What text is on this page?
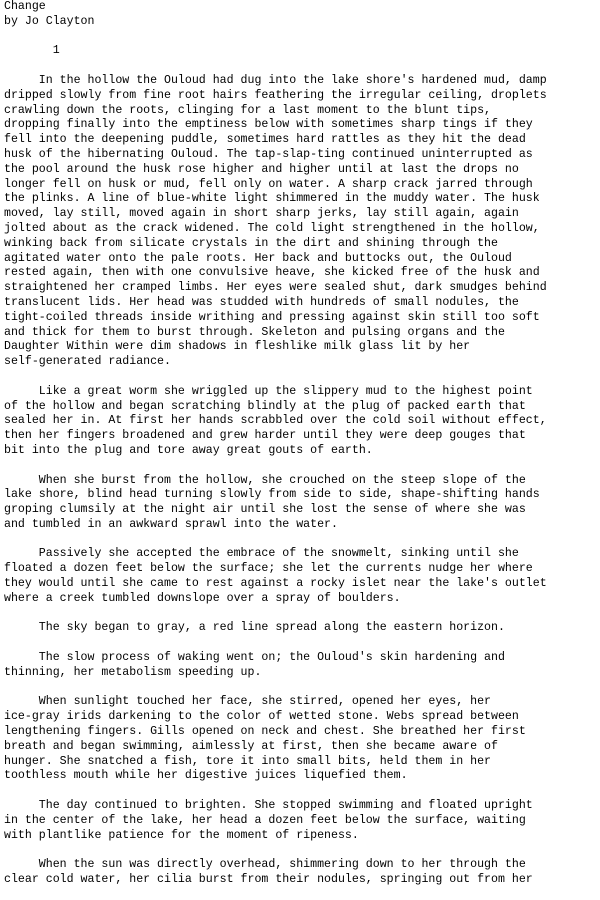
Change
by Jo Clayton
1
In the hollow the Ouloud had dug into the lake shore's hardened mud, damp
dripped slowly from fine root hairs feathering the irregular ceiling, droplets
crawling down the roots, clinging for a last moment to the blunt tips,
dropping finally into the emptiness below with sometimes sharp tings if they
fell into the deepening puddle, sometimes hard rattles as they hit the dead
husk of the hibernating Ouloud. The tap-slap-ting continued uninterrupted as
the pool around the husk rose higher and higher until at last the drops no
longer fell on husk or mud, fell only on water. A sharp crack jarred through
the plinks. A line of blue-white light shimmered in the muddy water. The husk
moved, lay still, moved again in short sharp jerks, lay still again, again
jolted about as the crack widened. The cold light strengthened in the hollow,
winking back from silicate crystals in the dirt and shining through the
agitated water onto the pale roots. Her back and buttocks out, the Ouloud
rested again, then with one convulsive heave, she kicked free of the husk and
straightened her cramped limbs. Her eyes were sealed shut, dark smudges behind
translucent lids. Her head was studded with hundreds of small nodules, the
tight-coiled threads inside writhing and pressing against skin still too soft
and thick for them to burst through. Skeleton and pulsing organs and the
Daughter Within were dim shadows in fleshlike milk glass lit by her
self-generated radiance.
Like a great worm she wriggled up the slippery mud to the highest point
of the hollow and began scratching blindly at the plug of packed earth that
sealed her in. At first her hands scrabbled over the cold soil without effect,
then her fingers broadened and grew harder until they were deep gouges that
bit into the plug and tore away great gouts of earth.
When she burst from the hollow, she crouched on the steep slope of the
lake shore, blind head turning slowly from side to side, shape-shifting hands
groping clumsily at the night air until she lost the sense of where she was
and tumbled in an awkward sprawl into the water.
Passively she accepted the embrace of the snowmelt, sinking until she
floated a dozen feet below the surface; she let the currents nudge her where
they would until she came to rest against a rocky islet near the lake's outlet
where a creek tumbled downslope over a spray of boulders.
The sky began to gray, a red line spread along the eastern horizon.
The slow process of waking went on; the Ouloud's skin hardening and
thinning, her metabolism speeding up.
When sunlight touched her face, she stirred, opened her eyes, her
ice-gray irids darkening to the color of wetted stone. Webs spread between
lengthening fingers. Gills opened on neck and chest. She breathed her first
breath and began swimming, aimlessly at first, then she became aware of
hunger. She snatched a fish, tore it into small bits, held them in her
toothless mouth while her digestive juices liquefied them.
The day continued to brighten. She stopped swimming and floated upright
in the center of the lake, her head a dozen feet below the surface, waiting
with plantlike patience for the moment of ripeness.
When the sun was directly overhead, shimmering down to her through the
clear cold water, her cilia burst from their nodules, springing out from her
